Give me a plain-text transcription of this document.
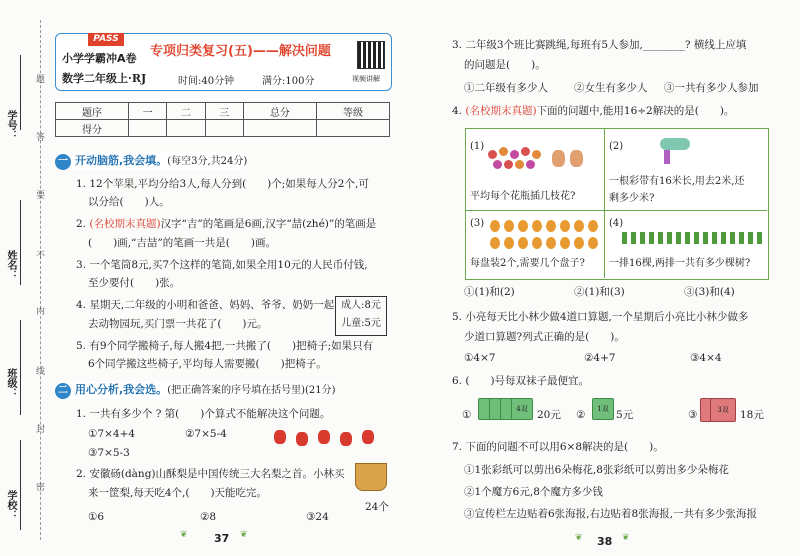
学号：
姓名：
班级：
学校：
题
答
要
不
内
线
封
密
PASS
小学学霸冲A卷
数学二年级上·RJ
专项归类复习(五)——解决问题
时间:40分钟	满分:100分	视频讲解
题序	一	二	三	总分	等级
得分					
一 开动脑筋,我会填。(每空3分,共24分)
1. 12个苹果,平均分给3人,每人分到(　　)个;如果每人分2个,可
以分给(　　)人。
2. (名校期末真题)汉字“吉”的笔画是6画,汉字“喆(zhé)”的笔画是
(　　)画,“吉喆”的笔画一共是(　　)画。
3. 一个笔筒8元,买7个这样的笔筒,如果全用10元的人民币付钱,
至少要付(　　)张。
4. 星期天,二年级的小明和爸爸、妈妈、爷爷、奶奶一起
去动物园玩,买门票一共花了(　　)元。
成人:8元
儿童:5元
5. 有9个同学搬椅子,每人搬4把,一共搬了(　　)把椅子;如果只有
6个同学搬这些椅子,平均每人需要搬(　　)把椅子。
二 用心分析,我会选。(把正确答案的序号填在括号里)(21分)
1. 一共有多少个 ? 第(　　)个算式不能解决这个问题。
①7×4+4	②7×5-4
③7×5-3
2. 安徽砀(dàng)山酥梨是中国传统三大名梨之首。小林买
来一筐梨,每天吃4个,(　　)天能吃完。
24个
①6	②8	③24
❦ 37 ❦
3. 二年级3个班比赛跳绳,每班有5人参加,________? 横线上应填
的问题是(　　)。
①二年级有多少人 ②女生有多少人 ③一共有多少人参加
4. (名校期末真题)下面的问题中,能用16÷2解决的是(　　)。
(1)
平均每个花瓶插几枝花?
(2)
一根彩带有16米长,用去2米,还
剩多少米?
(3)
每盘装2个,需要几个盘子?
(4)
一排16棵,两排一共有多少棵树?
①(1)和(2)	②(1)和(3)	③(3)和(4)
5. 小亮每天比小林少做4道口算题,一个星期后小亮比小林少做多
少道口算题?列式正确的是(　　)。
①4×7	②4+7	③4×4
6. (　　)号每双袜子最便宜。
①	4双 20元 ②	1双 5元	③	3双	18元
7. 下面的问题不可以用6×8解决的是(　　)。
①1张彩纸可以剪出6朵梅花,8张彩纸可以剪出多少朵梅花
②1个魔方6元,8个魔方多少钱
③宣传栏左边贴着6张海报,右边贴着8张海报,一共有多少张海报
❦ 38 ❦
